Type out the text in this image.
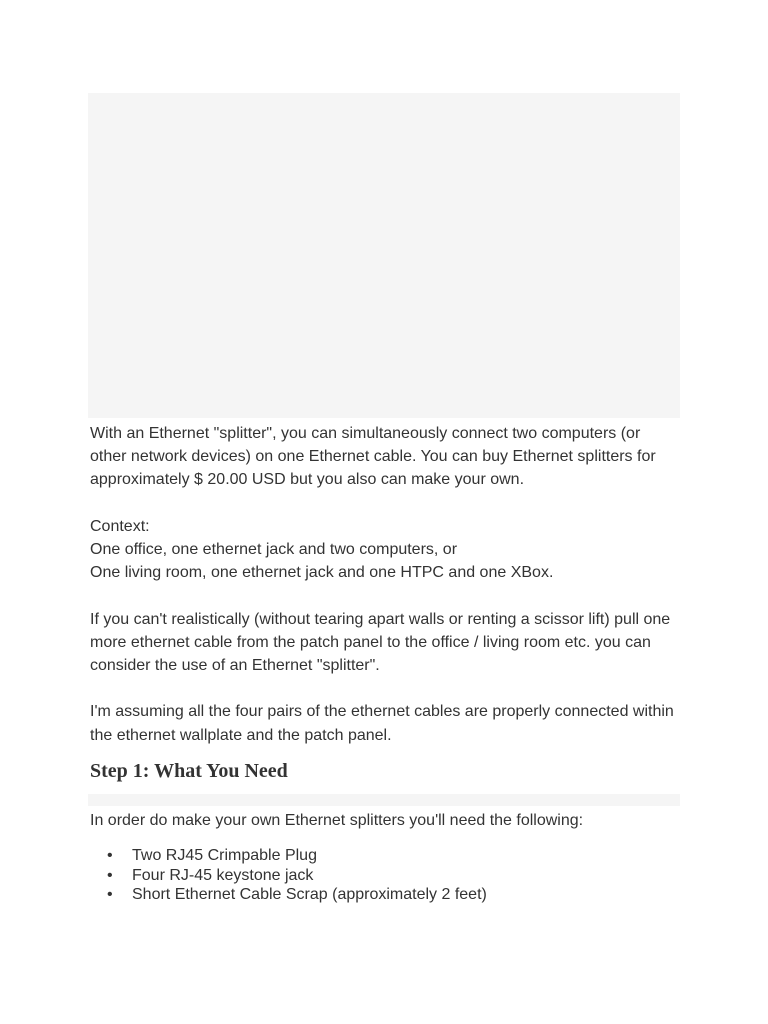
With an Ethernet "splitter", you can simultaneously connect two computers (or other network devices) on one Ethernet cable. You can buy Ethernet splitters for approximately $ 20.00 USD but you also can make your own.

Context:

One office, one ethernet jack and two computers, or

One living room, one ethernet jack and one HTPC and one XBox.

If you can't realistically (without tearing apart walls or renting a scissor lift) pull one more ethernet cable from the patch panel to the office / living room etc. you can consider the use of an Ethernet "splitter".

I'm assuming all the four pairs of the ethernet cables are properly connected within the ethernet wallplate and the patch panel.

Step 1: What You Need

In order do make your own Ethernet splitters you'll need the following:

• Two RJ45 Crimpable Plug
• Four RJ-45 keystone jack
• Short Ethernet Cable Scrap (approximately 2 feet)
